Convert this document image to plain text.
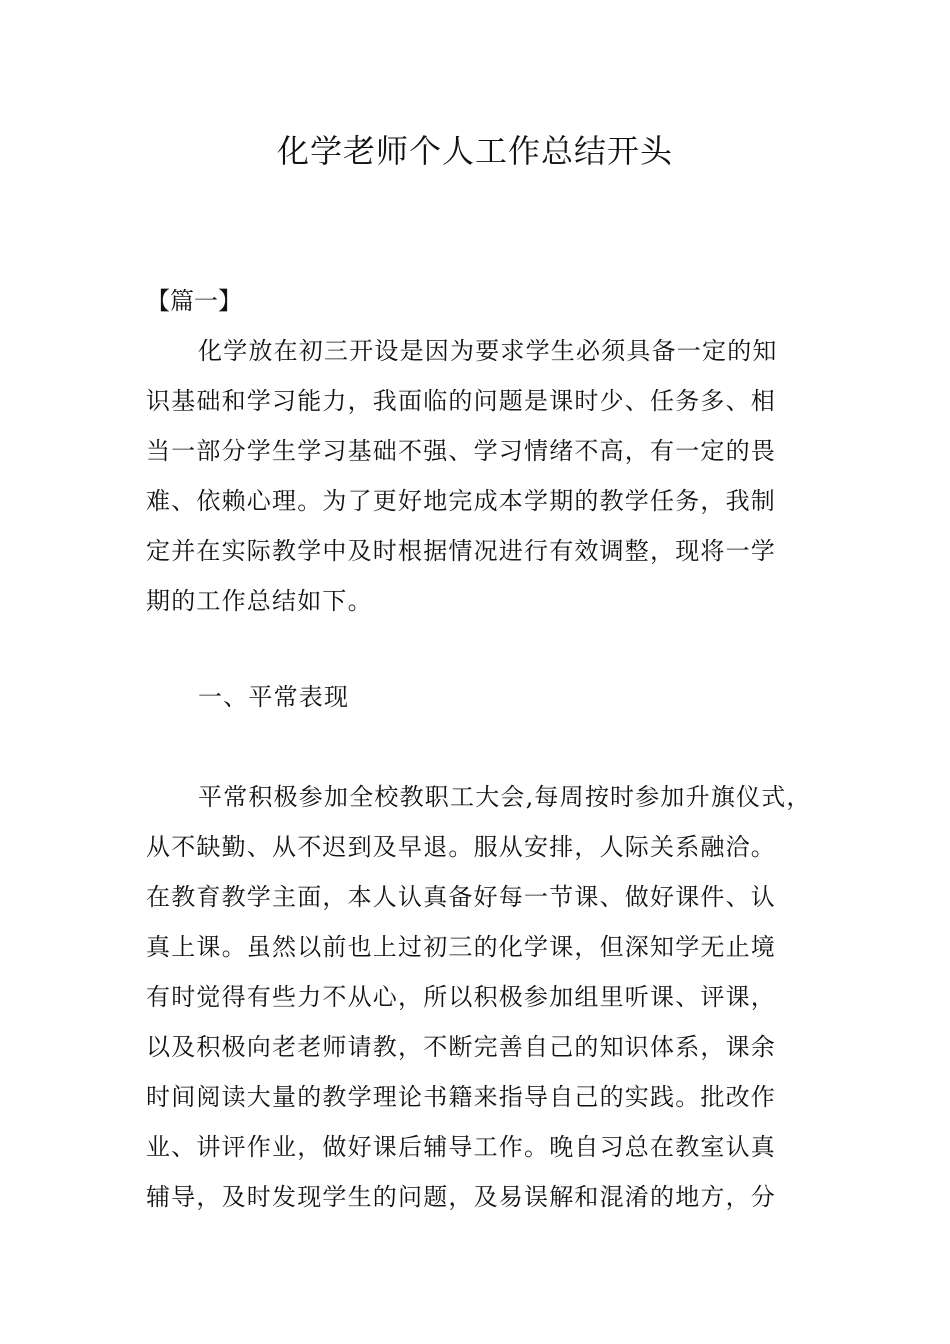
化学老师个人工作总结开头

【篇一】

化学放在初三开设是因为要求学生必须具备一定的知
识基础和学习能力，我面临的问题是课时少、任务多、相
当一部分学生学习基础不强、学习情绪不高，有一定的畏
难、依赖心理。为了更好地完成本学期的教学任务，我制
定并在实际教学中及时根据情况进行有效调整，现将一学
期的工作总结如下。

一、平常表现

平常积极参加全校教职工大会,每周按时参加升旗仪式，
从不缺勤、从不迟到及早退。服从安排，人际关系融洽。
在教育教学主面，本人认真备好每一节课、做好课件、认
真上课。虽然以前也上过初三的化学课，但深知学无止境
有时觉得有些力不从心，所以积极参加组里听课、评课，
以及积极向老老师请教，不断完善自己的知识体系，课余
时间阅读大量的教学理论书籍来指导自己的实践。批改作
业、讲评作业，做好课后辅导工作。晚自习总在教室认真
辅导，及时发现学生的问题，及易误解和混淆的地方，分
